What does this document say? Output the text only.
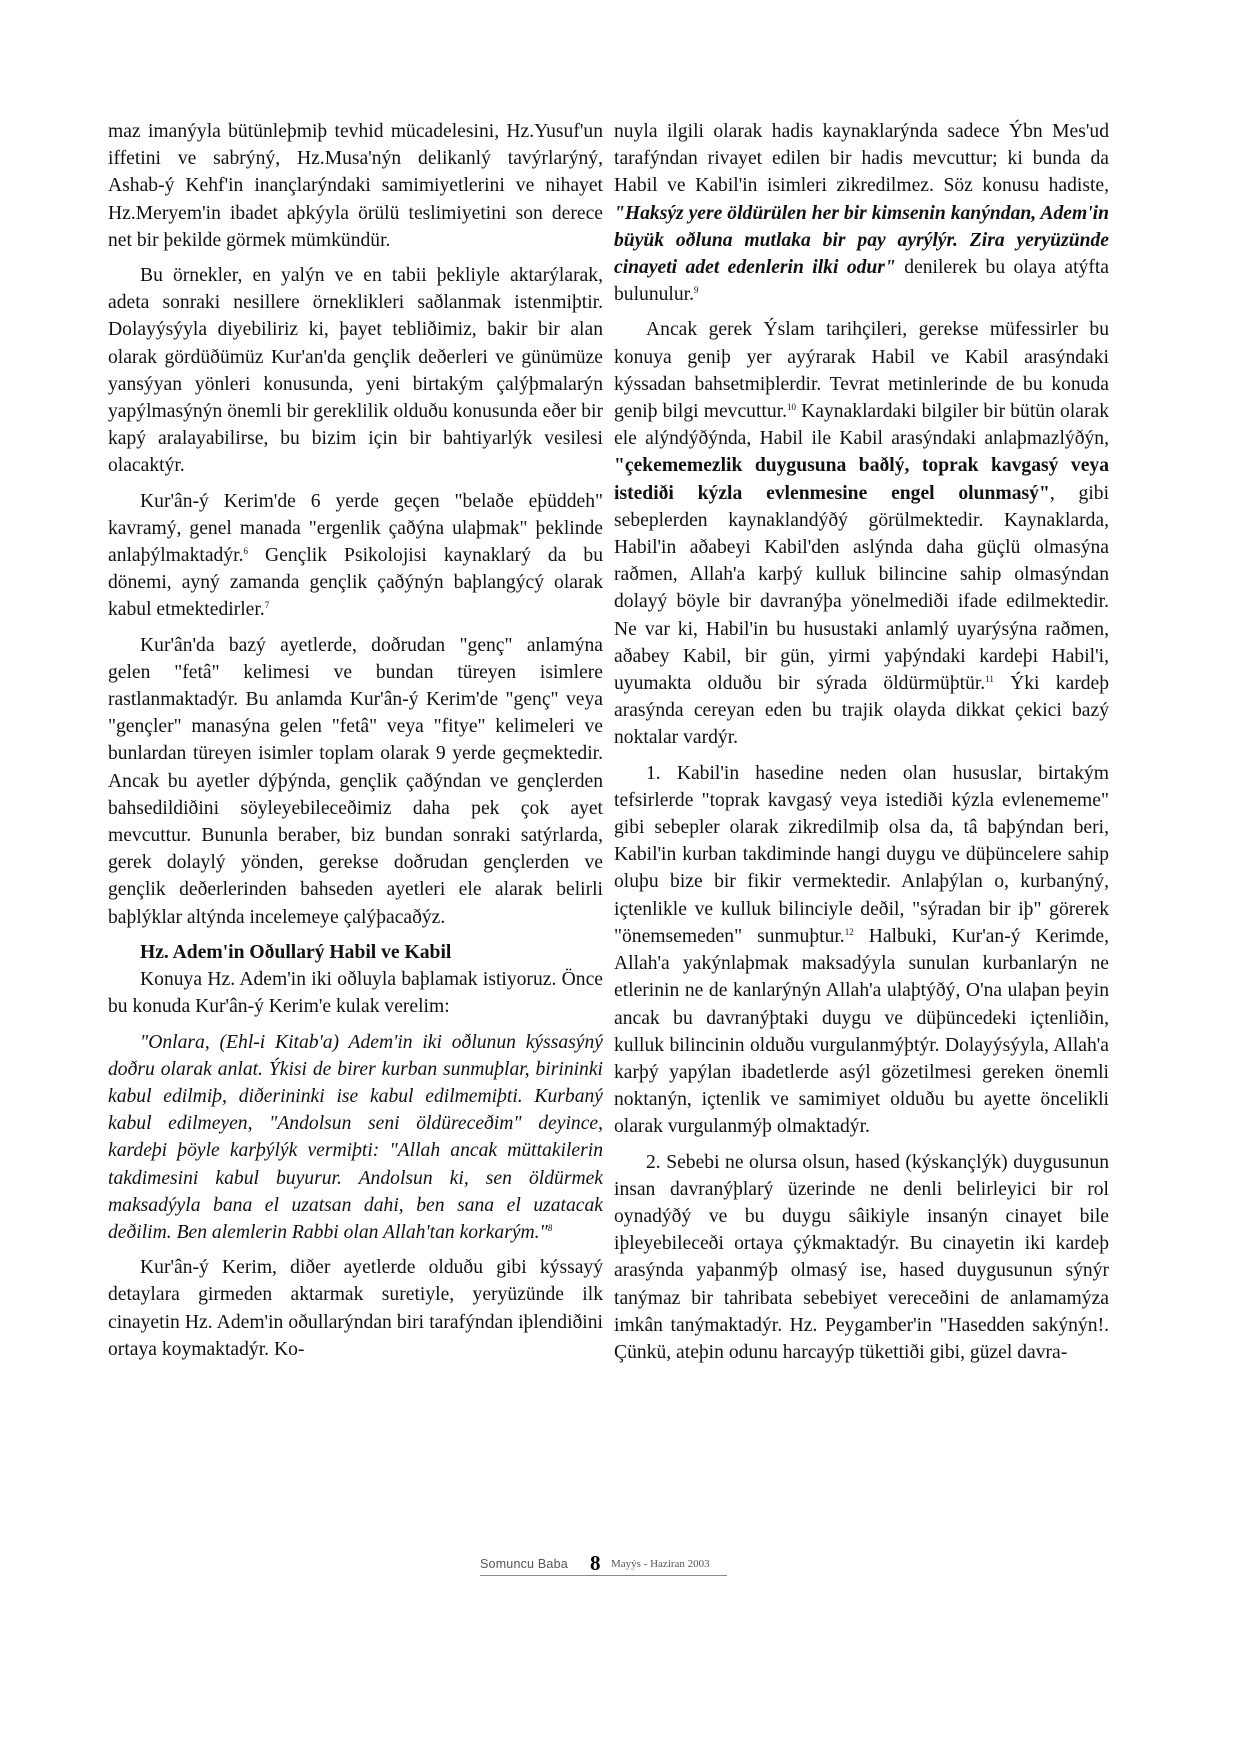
maz imanýyla bütünleþmiþ tevhid mücadelesini, Hz.Yusuf'un iffetini ve sabrýný, Hz.Musa'nýn delikanlý tavýrlarýný, Ashab-ý Kehf'in inançlarýndaki samimiyetlerini ve nihayet Hz.Meryem'in ibadet aþkýyla örülü teslimiyetini son derece net bir þekilde görmek mümkündür.

Bu örnekler, en yalýn ve en tabii þekliyle aktarýlarak, adeta sonraki nesillere örneklikleri saðlanmak istenmiþtir. Dolayýsýyla diyebiliriz ki, þayet tebliðimiz, bakir bir alan olarak gördüðümüz Kur'an'da gençlik deðerleri ve günümüze yansýyan yönleri konusunda, yeni birtakým çalýþmalarýn yapýlmasýnýn önemli bir gereklilik olduðu konusunda eðer bir kapý aralayabilirse, bu bizim için bir bahtiyarlýk vesilesi olacaktýr.

Kur'ân-ý Kerim'de 6 yerde geçen "belaðe eþüddeh" kavramý, genel manada "ergenlik çaðýna ulaþmak" þeklinde anlaþýlmaktadýr.$^6$ Gençlik Psikolojisi kaynaklarý da bu dönemi, ayný zamanda gençlik çaðýnýn baþlangýcý olarak kabul etmektedirler.$^7$

Kur'ân'da bazý ayetlerde, doðrudan "genç" anlamýna gelen "fetâ" kelimesi ve bundan türeyen isimlere rastlanmaktadýr. Bu anlamda Kur'ân-ý Kerim'de "genç" veya "gençler" manasýna gelen "fetâ" veya "fitye" kelimeleri ve bunlardan türeyen isimler toplam olarak 9 yerde geçmektedir. Ancak bu ayetler dýþýnda, gençlik çaðýndan ve gençlerden bahsedildiðini söyleyebileceðimiz daha pek çok ayet mevcuttur. Bununla beraber, biz bundan sonraki satýrlarda, gerek dolaylý yönden, gerekse doðrudan gençlerden ve gençlik deðerlerinden bahseden ayetleri ele alarak belirli baþlýklar altýnda incelemeye çalýþacaðýz.

Hz. Adem'in Oðullarý Habil ve Kabil

Konuya Hz. Adem'in iki oðluyla baþlamak istiyoruz. Önce bu konuda Kur'ân-ý Kerim'e kulak verelim:

"Onlara, (Ehl-i Kitab'a) Adem'in iki oðlunun kýssasýný doðru olarak anlat. Ýkisi de birer kurban sunmuþlar, birininki kabul edilmiþ, diðerininki ise kabul edilmemiþti. Kurbaný kabul edilmeyen, "Andolsun seni öldüreceðim" deyince, kardeþi þöyle karþýlýk vermiþti: "Allah ancak müttakilerin takdimesini kabul buyurur. Andolsun ki, sen öldürmek maksadýyla bana el uzatsan dahi, ben sana el uzatacak deðilim. Ben alemlerin Rabbi olan Allah'tan korkarým."$^8$

Kur'ân-ý Kerim, diðer ayetlerde olduðu gibi kýssayý detaylara girmeden aktarmak suretiyle, yeryüzünde ilk cinayetin Hz. Adem'in oðullarýndan biri tarafýndan iþlendiðini ortaya koymaktadýr. Ko-

nuyla ilgili olarak hadis kaynaklarýnda sadece Ýbn Mes'ud tarafýndan rivayet edilen bir hadis mevcuttur; ki bunda da Habil ve Kabil'in isimleri zikredilmez. Söz konusu hadiste, "Haksýz yere öldürülen her bir kimsenin kanýndan, Adem'in büyük oðluna mutlaka bir pay ayrýlýr. Zira yeryüzünde cinayeti adet edenlerin ilki odur" denilerek bu olaya atýfta bulunulur.$^9$

Ancak gerek Ýslam tarihçileri, gerekse müfessirler bu konuya geniþ yer ayýrarak Habil ve Kabil arasýndaki kýssadan bahsetmiþlerdir. Tevrat metinlerinde de bu konuda geniþ bilgi mevcuttur.$^{10}$ Kaynaklardaki bilgiler bir bütün olarak ele alýndýðýnda, Habil ile Kabil arasýndaki anlaþmazlýðýn, "çekememezlik duygusuna baðlý, toprak kavgasý veya istediði kýzla evlenmesine engel olunmasý", gibi sebeplerden kaynaklandýðý görülmektedir. Kaynaklarda, Habil'in aðabeyi Kabil'den aslýnda daha güçlü olmasýna raðmen, Allah'a karþý kulluk bilincine sahip olmasýndan dolayý böyle bir davranýþa yönelmediði ifade edilmektedir. Ne var ki, Habil'in bu husustaki anlamlý uyarýsýna raðmen, aðabey Kabil, bir gün, yirmi yaþýndaki kardeþi Habil'i, uyumakta olduðu bir sýrada öldürmüþtür.$^{11}$ Ýki kardeþ arasýnda cereyan eden bu trajik olayda dikkat çekici bazý noktalar vardýr.

1. Kabil'in hasedine neden olan hususlar, birtakým tefsirlerde "toprak kavgasý veya istediði kýzla evlenememe" gibi sebepler olarak zikredilmiþ olsa da, tâ baþýndan beri, Kabil'in kurban takdiminde hangi duygu ve düþüncelere sahip oluþu bize bir fikir vermektedir. Anlaþýlan o, kurbanýný, içtenlikle ve kulluk bilinciyle deðil, "sýradan bir iþ" görerek "önemsemeden" sunmuþtur.$^{12}$ Halbuki, Kur'an-ý Kerimde, Allah'a yakýnlaþmak maksadýyla sunulan kurbanlarýn ne etlerinin ne de kanlarýnýn Allah'a ulaþtýðý, O'na ulaþan þeyin ancak bu davranýþtaki duygu ve düþüncedeki içtenliðin, kulluk bilincinin olduðu vurgulanmýþtýr. Dolayýsýyla, Allah'a karþý yapýlan ibadetlerde asýl gözetilmesi gereken önemli noktanýn, içtenlik ve samimiyet olduðu bu ayette öncelikli olarak vurgulanmýþ olmaktadýr.

2. Sebebi ne olursa olsun, hased (kýskançlýk) duygusunun insan davranýþlarý üzerinde ne denli belirleyici bir rol oynadýðý ve bu duygu sâikiyle insanýn cinayet bile iþleyebileceði ortaya çýkmaktadýr. Bu cinayetin iki kardeþ arasýnda yaþanmýþ olmasý ise, hased duygusunun sýnýr tanýmaz bir tahribata sebebiyet vereceðini de anlamamýza imkân tanýmaktadýr. Hz. Peygamber'in "Hasedden sakýnýn!. Çünkü, ateþin odunu harcayýp tükettiði gibi, güzel davra-

Somuncu Baba 8 Mayýs - Haziran 2003
